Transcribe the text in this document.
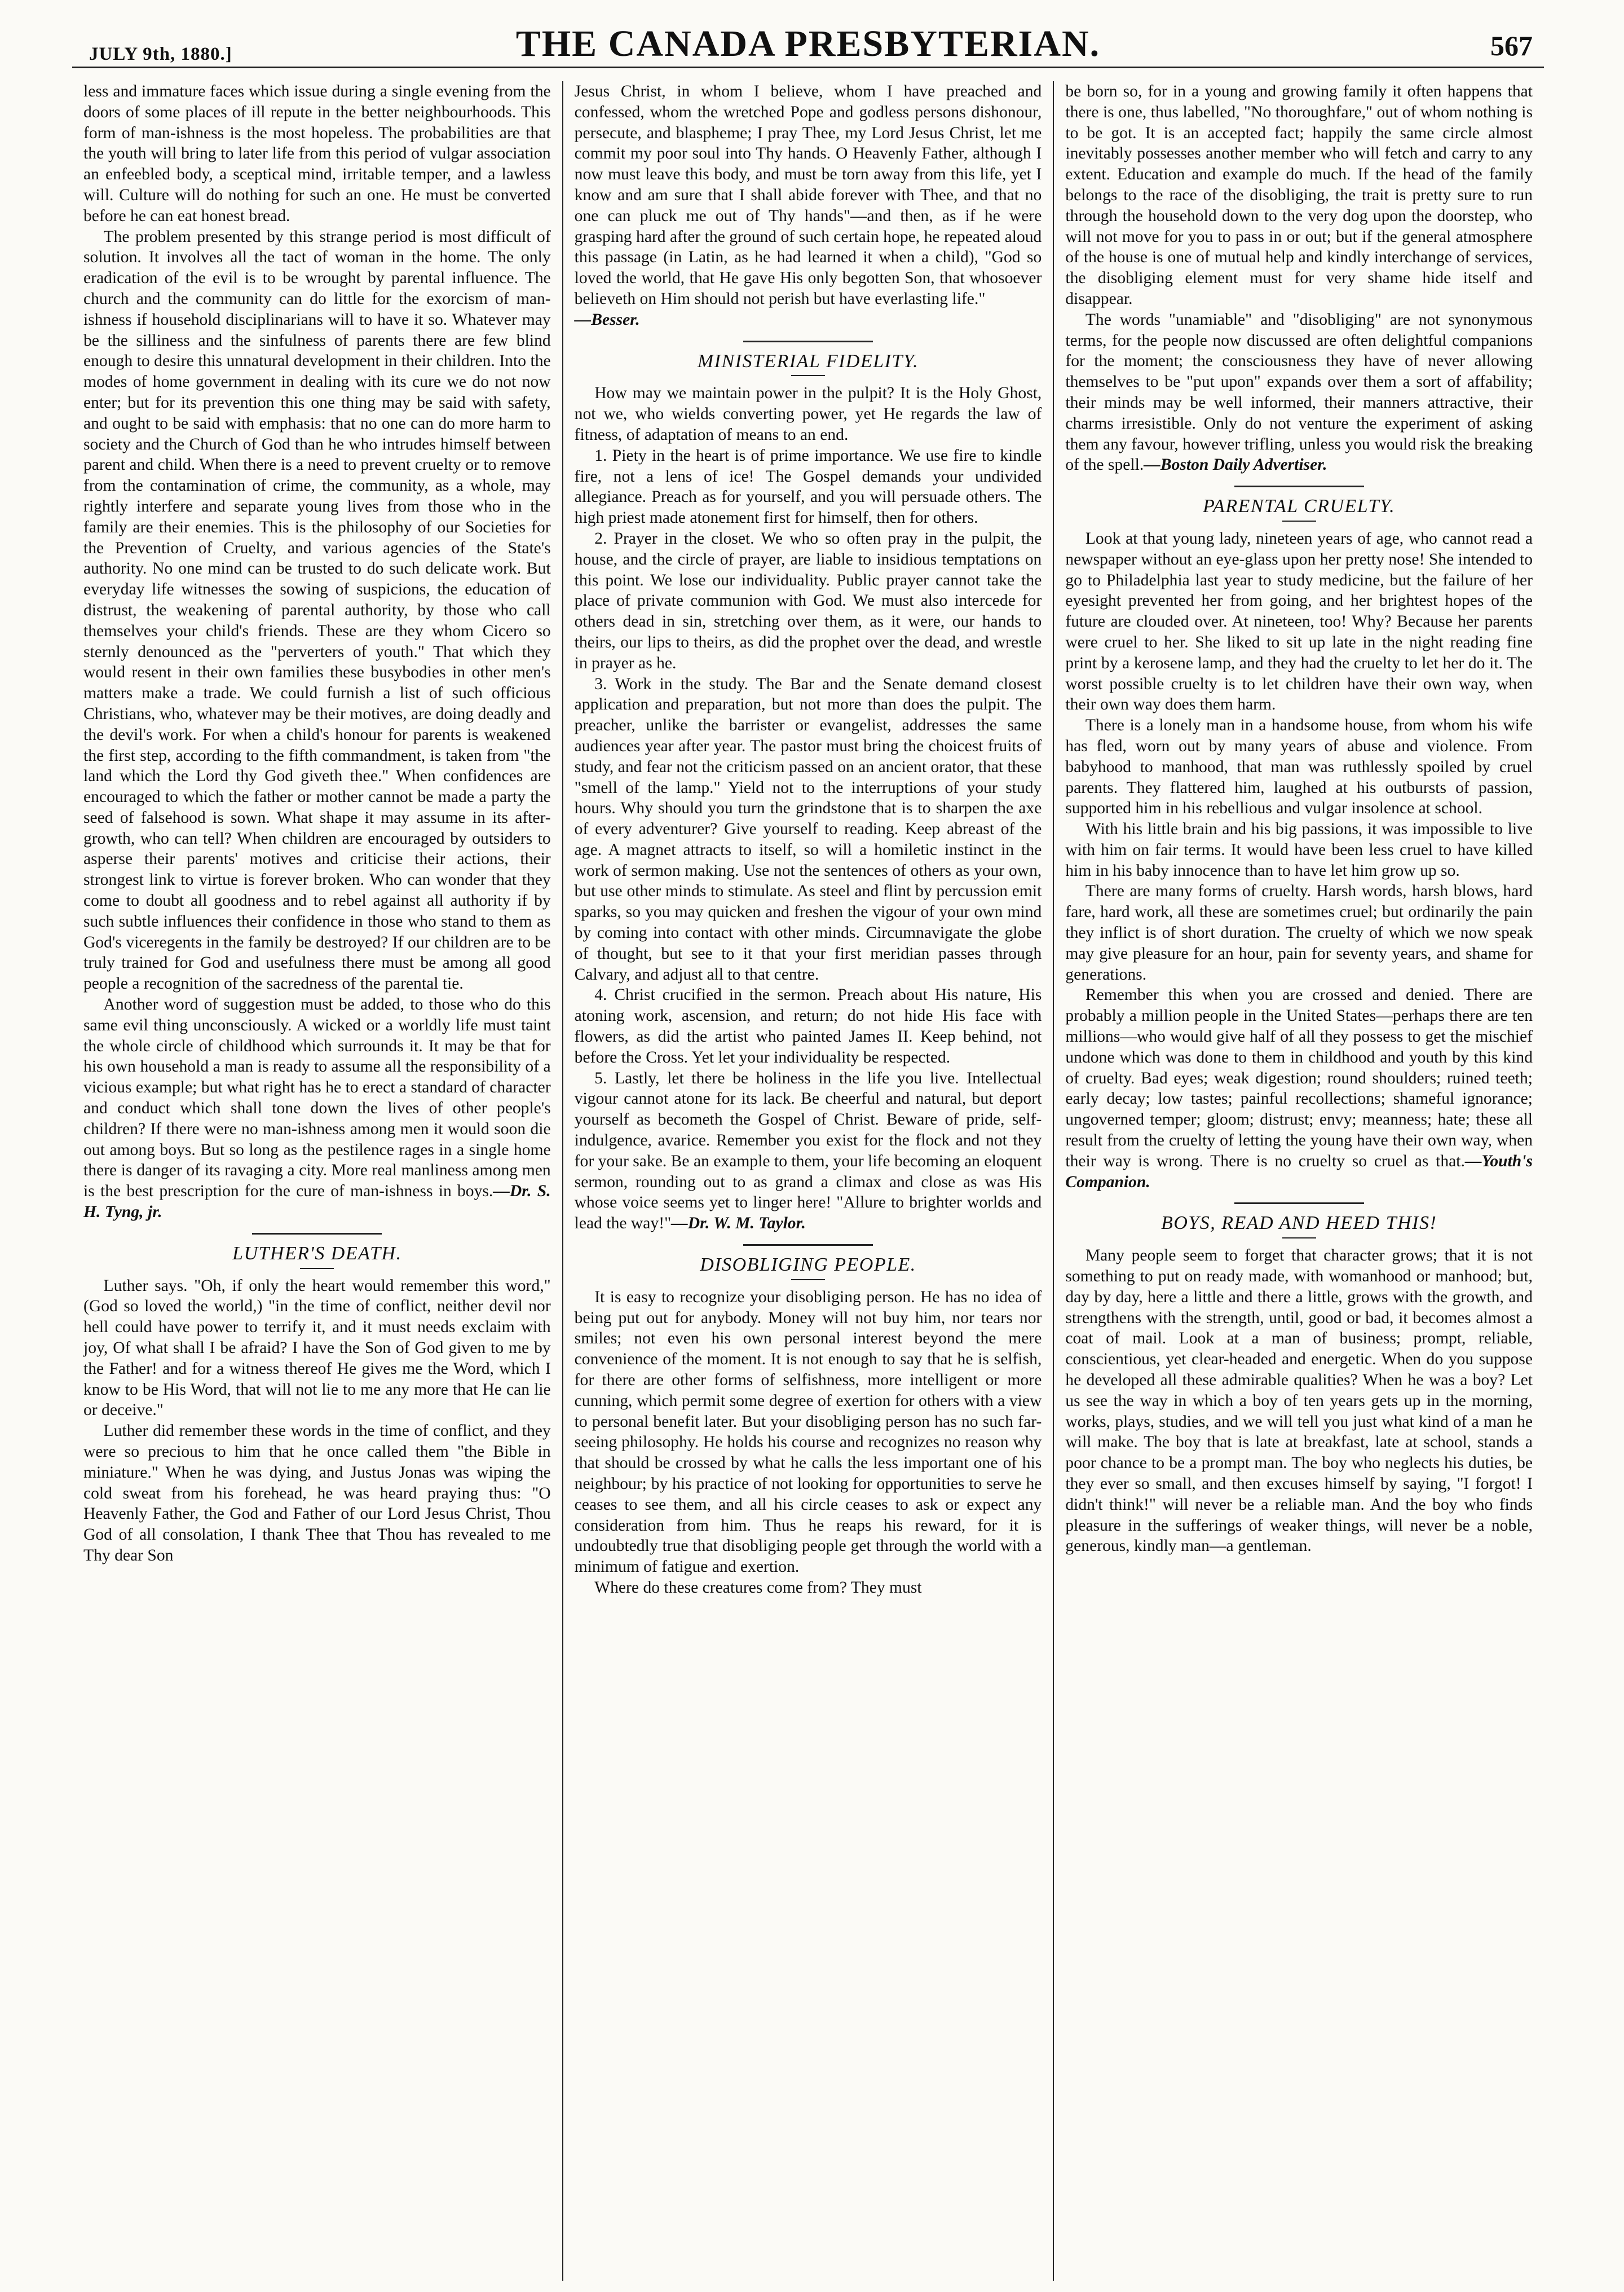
JULY 9th, 1880.]	THE CANADA PRESBYTERIAN.	567

less and immature faces which issue during a single evening from the doors of some places of ill repute in the better neighbourhoods. This form of man-ishness is the most hopeless. The probabilities are that the youth will bring to later life from this period of vulgar association an enfeebled body, a sceptical mind, irritable temper, and a lawless will. Culture will do nothing for such an one. He must be converted before he can eat honest bread.

The problem presented by this strange period is most difficult of solution. It involves all the tact of woman in the home. The only eradication of the evil is to be wrought by parental influence. The church and the community can do little for the exorcism of man-ishness if household disciplinarians will to have it so. Whatever may be the silliness and the sinfulness of parents there are few blind enough to desire this unnatural development in their children. Into the modes of home government in dealing with its cure we do not now enter; but for its prevention this one thing may be said with safety, and ought to be said with emphasis: that no one can do more harm to society and the Church of God than he who intrudes himself between parent and child. When there is a need to prevent cruelty or to remove from the contamination of crime, the community, as a whole, may rightly interfere and separate young lives from those who in the family are their enemies. This is the philosophy of our Societies for the Prevention of Cruelty, and various agencies of the State's authority. No one mind can be trusted to do such delicate work. But everyday life witnesses the sowing of suspicions, the education of distrust, the weakening of parental authority, by those who call themselves your child's friends. These are they whom Cicero so sternly denounced as the "perverters of youth." That which they would resent in their own families these busybodies in other men's matters make a trade. We could furnish a list of such officious Christians, who, whatever may be their motives, are doing deadly and the devil's work. For when a child's honour for parents is weakened the first step, according to the fifth commandment, is taken from "the land which the Lord thy God giveth thee." When confidences are encouraged to which the father or mother cannot be made a party the seed of falsehood is sown. What shape it may assume in its after-growth, who can tell? When children are encouraged by outsiders to asperse their parents' motives and criticise their actions, their strongest link to virtue is forever broken. Who can wonder that they come to doubt all goodness and to rebel against all authority if by such subtle influences their confidence in those who stand to them as God's viceregents in the family be destroyed? If our children are to be truly trained for God and usefulness there must be among all good people a recognition of the sacredness of the parental tie.

Another word of suggestion must be added, to those who do this same evil thing unconsciously. A wicked or a worldly life must taint the whole circle of childhood which surrounds it. It may be that for his own household a man is ready to assume all the responsibility of a vicious example; but what right has he to erect a standard of character and conduct which shall tone down the lives of other people's children? If there were no man-ishness among men it would soon die out among boys. But so long as the pestilence rages in a single home there is danger of its ravaging a city. More real manliness among men is the best prescription for the cure of man-ishness in boys.—Dr. S. H. Tyng, jr.

LUTHER'S DEATH.

Luther says. "Oh, if only the heart would remember this word," (God so loved the world,) "in the time of conflict, neither devil nor hell could have power to terrify it, and it must needs exclaim with joy, Of what shall I be afraid? I have the Son of God given to me by the Father! and for a witness thereof He gives me the Word, which I know to be His Word, that will not lie to me any more that He can lie or deceive."

Luther did remember these words in the time of conflict, and they were so precious to him that he once called them "the Bible in miniature." When he was dying, and Justus Jonas was wiping the cold sweat from his forehead, he was heard praying thus: "O Heavenly Father, the God and Father of our Lord Jesus Christ, Thou God of all consolation, I thank Thee that Thou has revealed to me Thy dear Son

Jesus Christ, in whom I believe, whom I have preached and confessed, whom the wretched Pope and godless persons dishonour, persecute, and blaspheme; I pray Thee, my Lord Jesus Christ, let me commit my poor soul into Thy hands. O Heavenly Father, although I now must leave this body, and must be torn away from this life, yet I know and am sure that I shall abide forever with Thee, and that no one can pluck me out of Thy hands"—and then, as if he were grasping hard after the ground of such certain hope, he repeated aloud this passage (in Latin, as he had learned it when a child), "God so loved the world, that He gave His only begotten Son, that whosoever believeth on Him should not perish but have everlasting life."

—Besser.

MINISTERIAL FIDELITY.

How may we maintain power in the pulpit? It is the Holy Ghost, not we, who wields converting power, yet He regards the law of fitness, of adaptation of means to an end.

1. Piety in the heart is of prime importance. We use fire to kindle fire, not a lens of ice! The Gospel demands your undivided allegiance. Preach as for yourself, and you will persuade others. The high priest made atonement first for himself, then for others.

2. Prayer in the closet. We who so often pray in the pulpit, the house, and the circle of prayer, are liable to insidious temptations on this point. We lose our individuality. Public prayer cannot take the place of private communion with God. We must also intercede for others dead in sin, stretching over them, as it were, our hands to theirs, our lips to theirs, as did the prophet over the dead, and wrestle in prayer as he.

3. Work in the study. The Bar and the Senate demand closest application and preparation, but not more than does the pulpit. The preacher, unlike the barrister or evangelist, addresses the same audiences year after year. The pastor must bring the choicest fruits of study, and fear not the criticism passed on an ancient orator, that these "smell of the lamp." Yield not to the interruptions of your study hours. Why should you turn the grindstone that is to sharpen the axe of every adventurer? Give yourself to reading. Keep abreast of the age. A magnet attracts to itself, so will a homiletic instinct in the work of sermon making. Use not the sentences of others as your own, but use other minds to stimulate. As steel and flint by percussion emit sparks, so you may quicken and freshen the vigour of your own mind by coming into contact with other minds. Circumnavigate the globe of thought, but see to it that your first meridian passes through Calvary, and adjust all to that centre.

4. Christ crucified in the sermon. Preach about His nature, His atoning work, ascension, and return; do not hide His face with flowers, as did the artist who painted James II. Keep behind, not before the Cross. Yet let your individuality be respected.

5. Lastly, let there be holiness in the life you live. Intellectual vigour cannot atone for its lack. Be cheerful and natural, but deport yourself as becometh the Gospel of Christ. Beware of pride, self-indulgence, avarice. Remember you exist for the flock and not they for your sake. Be an example to them, your life becoming an eloquent sermon, rounding out to as grand a climax and close as was His whose voice seems yet to linger here! "Allure to brighter worlds and lead the way!"—Dr. W. M. Taylor.

DISOBLIGING PEOPLE.

It is easy to recognize your disobliging person. He has no idea of being put out for anybody. Money will not buy him, nor tears nor smiles; not even his own personal interest beyond the mere convenience of the moment. It is not enough to say that he is selfish, for there are other forms of selfishness, more intelligent or more cunning, which permit some degree of exertion for others with a view to personal benefit later. But your disobliging person has no such far-seeing philosophy. He holds his course and recognizes no reason why that should be crossed by what he calls the less important one of his neighbour; by his practice of not looking for opportunities to serve he ceases to see them, and all his circle ceases to ask or expect any consideration from him. Thus he reaps his reward, for it is undoubtedly true that disobliging people get through the world with a minimum of fatigue and exertion.

Where do these creatures come from? They must

be born so, for in a young and growing family it often happens that there is one, thus labelled, "No thoroughfare," out of whom nothing is to be got. It is an accepted fact; happily the same circle almost inevitably possesses another member who will fetch and carry to any extent. Education and example do much. If the head of the family belongs to the race of the disobliging, the trait is pretty sure to run through the household down to the very dog upon the doorstep, who will not move for you to pass in or out; but if the general atmosphere of the house is one of mutual help and kindly interchange of services, the disobliging element must for very shame hide itself and disappear.

The words "unamiable" and "disobliging" are not synonymous terms, for the people now discussed are often delightful companions for the moment; the consciousness they have of never allowing themselves to be "put upon" expands over them a sort of affability; their minds may be well informed, their manners attractive, their charms irresistible. Only do not venture the experiment of asking them any favour, however trifling, unless you would risk the breaking of the spell.—Boston Daily Advertiser.

PARENTAL CRUELTY.

Look at that young lady, nineteen years of age, who cannot read a newspaper without an eye-glass upon her pretty nose! She intended to go to Philadelphia last year to study medicine, but the failure of her eyesight prevented her from going, and her brightest hopes of the future are clouded over. At nineteen, too! Why? Because her parents were cruel to her. She liked to sit up late in the night reading fine print by a kerosene lamp, and they had the cruelty to let her do it. The worst possible cruelty is to let children have their own way, when their own way does them harm.

There is a lonely man in a handsome house, from whom his wife has fled, worn out by many years of abuse and violence. From babyhood to manhood, that man was ruthlessly spoiled by cruel parents. They flattered him, laughed at his outbursts of passion, supported him in his rebellious and vulgar insolence at school.

With his little brain and his big passions, it was impossible to live with him on fair terms. It would have been less cruel to have killed him in his baby innocence than to have let him grow up so.

There are many forms of cruelty. Harsh words, harsh blows, hard fare, hard work, all these are sometimes cruel; but ordinarily the pain they inflict is of short duration. The cruelty of which we now speak may give pleasure for an hour, pain for seventy years, and shame for generations.

Remember this when you are crossed and denied. There are probably a million people in the United States—perhaps there are ten millions—who would give half of all they possess to get the mischief undone which was done to them in childhood and youth by this kind of cruelty. Bad eyes; weak digestion; round shoulders; ruined teeth; early decay; low tastes; painful recollections; shameful ignorance; ungoverned temper; gloom; distrust; envy; meanness; hate; these all result from the cruelty of letting the young have their own way, when their way is wrong. There is no cruelty so cruel as that.—Youth's Companion.

BOYS, READ AND HEED THIS!

Many people seem to forget that character grows; that it is not something to put on ready made, with womanhood or manhood; but, day by day, here a little and there a little, grows with the growth, and strengthens with the strength, until, good or bad, it becomes almost a coat of mail. Look at a man of business; prompt, reliable, conscientious, yet clear-headed and energetic. When do you suppose he developed all these admirable qualities? When he was a boy? Let us see the way in which a boy of ten years gets up in the morning, works, plays, studies, and we will tell you just what kind of a man he will make. The boy that is late at breakfast, late at school, stands a poor chance to be a prompt man. The boy who neglects his duties, be they ever so small, and then excuses himself by saying, "I forgot! I didn't think!" will never be a reliable man. And the boy who finds pleasure in the sufferings of weaker things, will never be a noble, generous, kindly man—a gentleman.
